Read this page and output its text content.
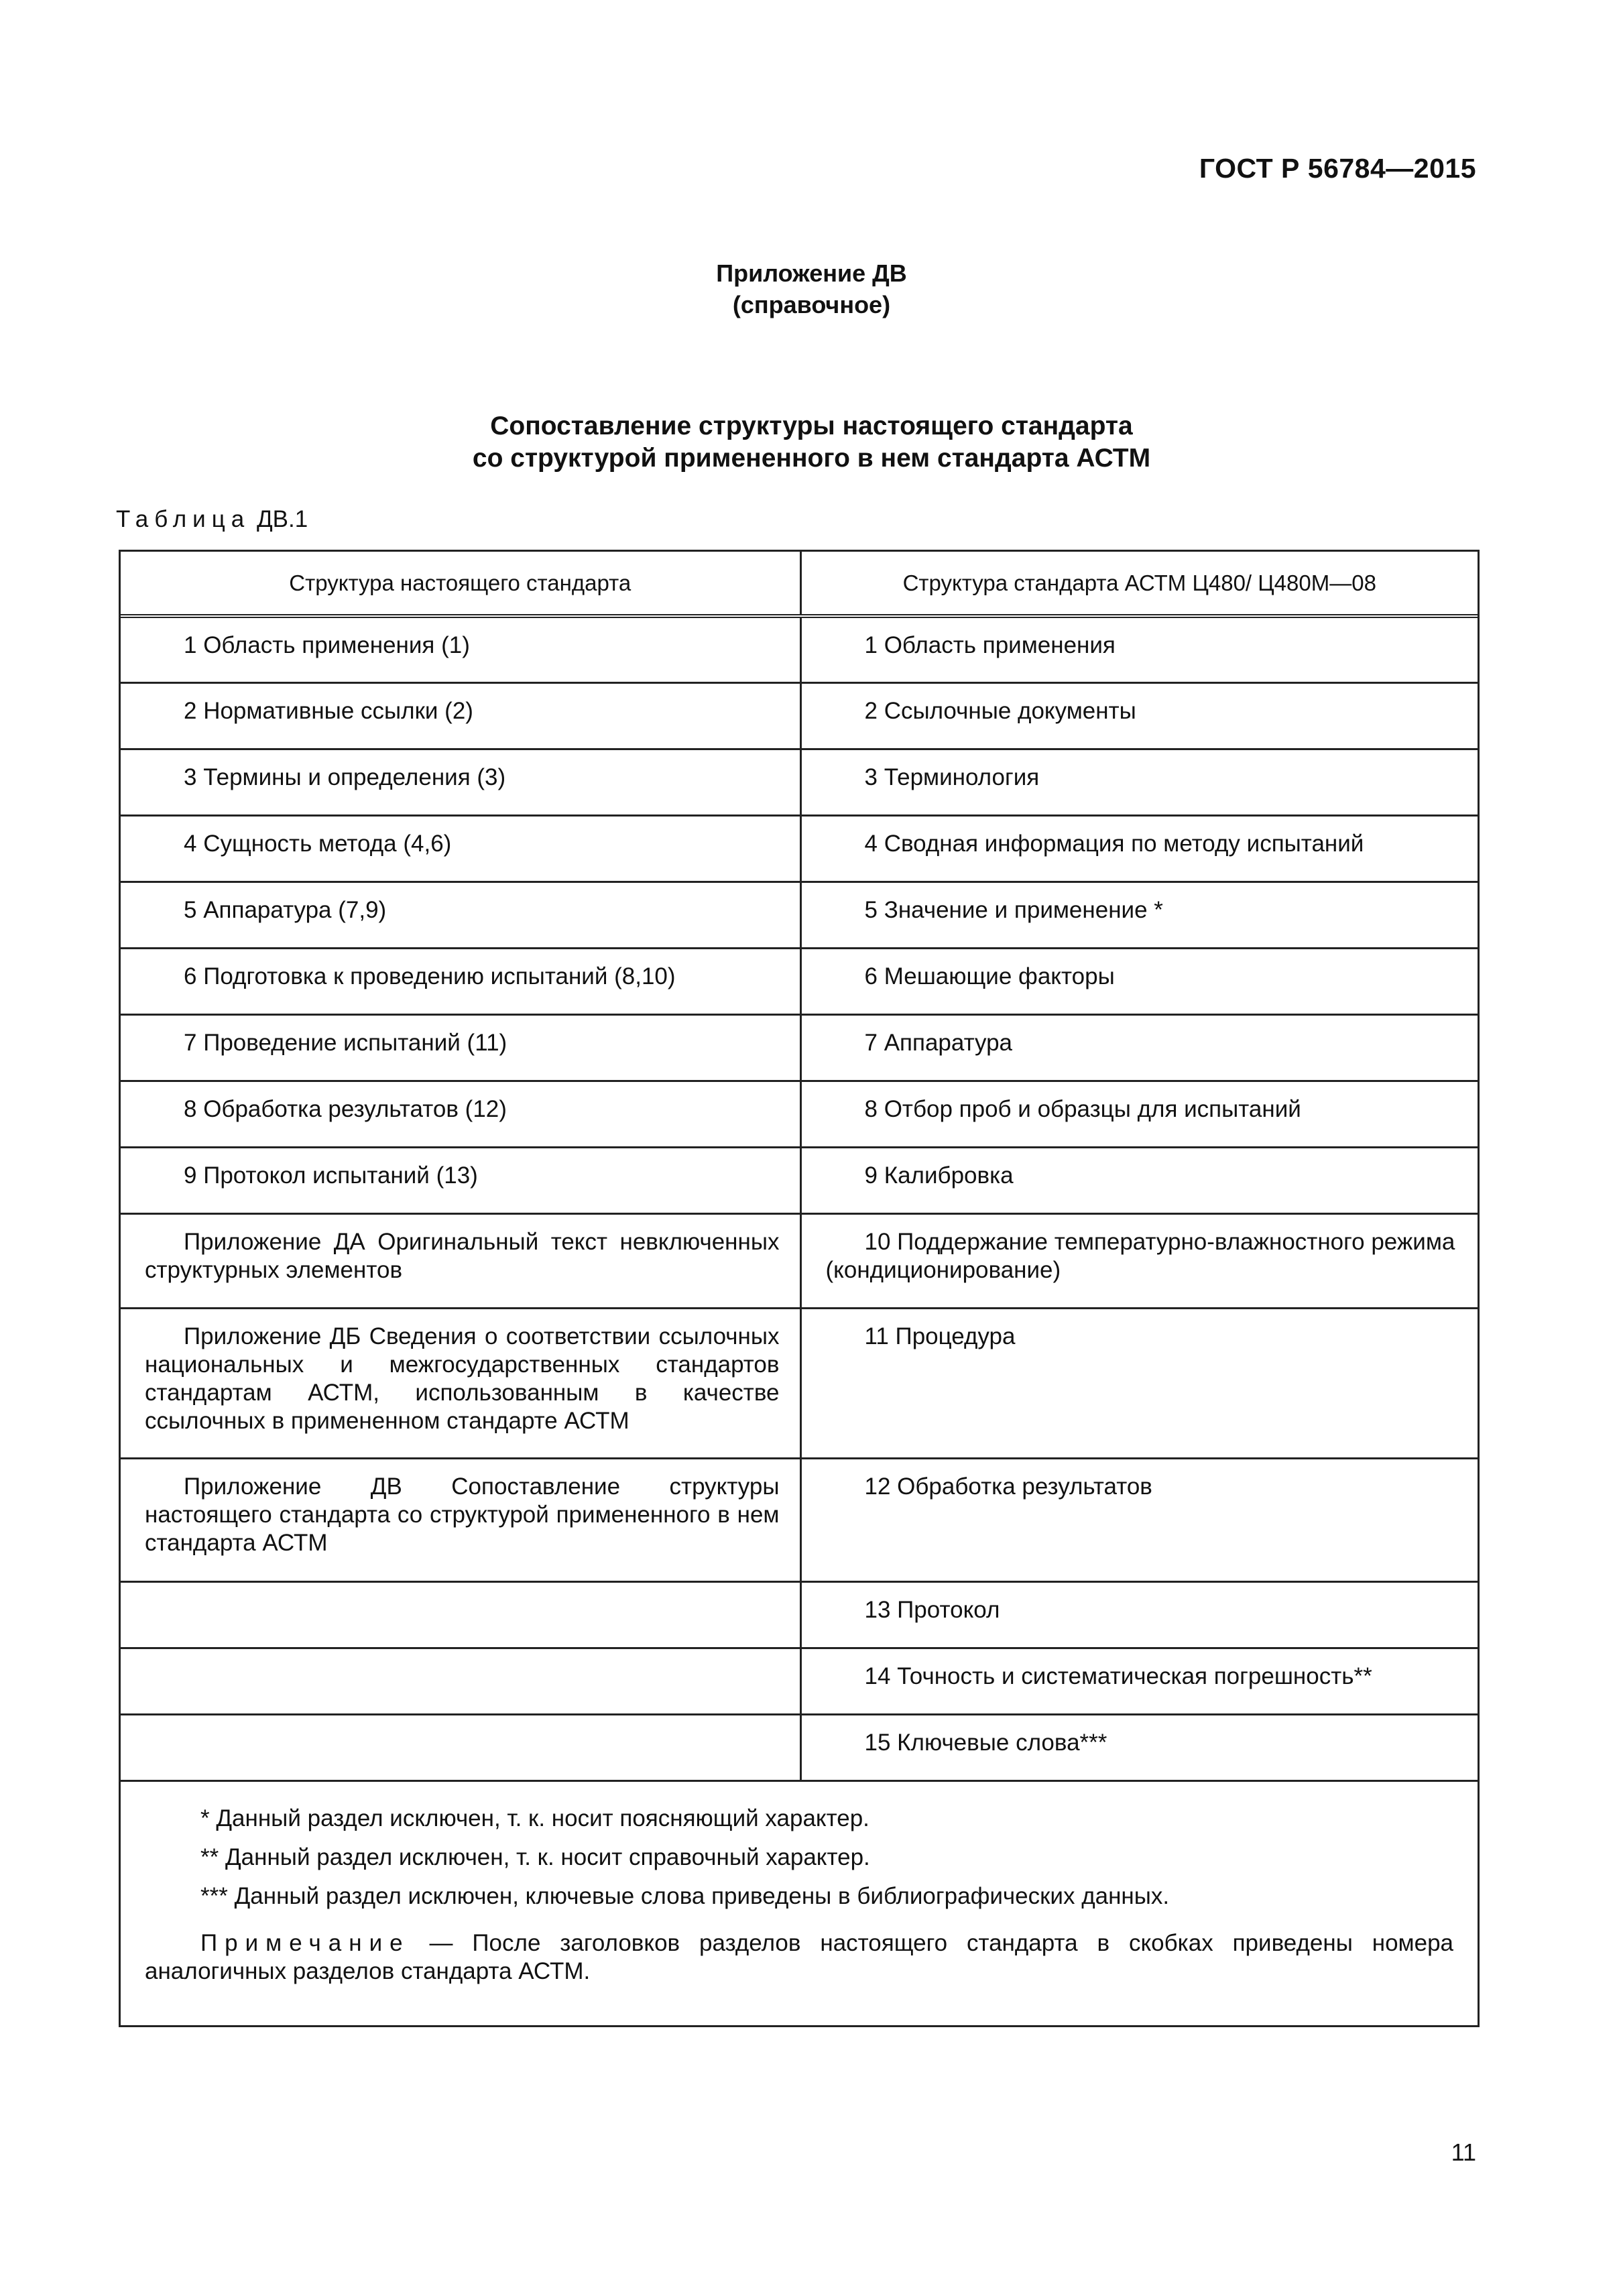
ГОСТ Р 56784—2015
Приложение ДВ
(справочное)
Сопоставление структуры настоящего стандарта
со структурой примененного в нем стандарта АСТМ
Таблица ДВ.1
Структура настоящего стандарта	Структура стандарта АСТМ Ц480/ Ц480М—08
1 Область применения (1)	1 Область применения
2 Нормативные ссылки (2)	2 Ссылочные документы
3 Термины и определения (3)	3 Терминология
4 Сущность метода (4,6)	4 Сводная информация по методу испытаний
5 Аппаратура (7,9)	5 Значение и применение *
6 Подготовка к проведению испытаний (8,10)	6 Мешающие факторы
7 Проведение испытаний (11)	7 Аппаратура
8 Обработка результатов (12)	8 Отбор проб и образцы для испытаний
9 Протокол испытаний (13)	9 Калибровка
Приложение ДА Оригинальный текст невключенных структурных элементов	10 Поддержание температурно-влажностного режима (кондиционирование)
Приложение ДБ Сведения о соответствии ссылочных национальных и межгосударственных стандартов стандартам АСТМ, использованным в качестве ссылочных в примененном стандарте АСТМ	11 Процедура
Приложение ДВ Сопоставление структуры настоящего стандарта со структурой примененного в нем стандарта АСТМ	12 Обработка результатов
	13 Протокол
	14 Точность и систематическая погрешность**
	15 Ключевые слова***

* Данный раздел исключен, т. к. носит поясняющий характер.

** Данный раздел исключен, т. к. носит справочный характер.

*** Данный раздел исключен, ключевые слова приведены в библиографических данных.

Примечание — После заголовков разделов настоящего стандарта в скобках приведены номера аналогичных разделов стандарта АСТМ.

11
